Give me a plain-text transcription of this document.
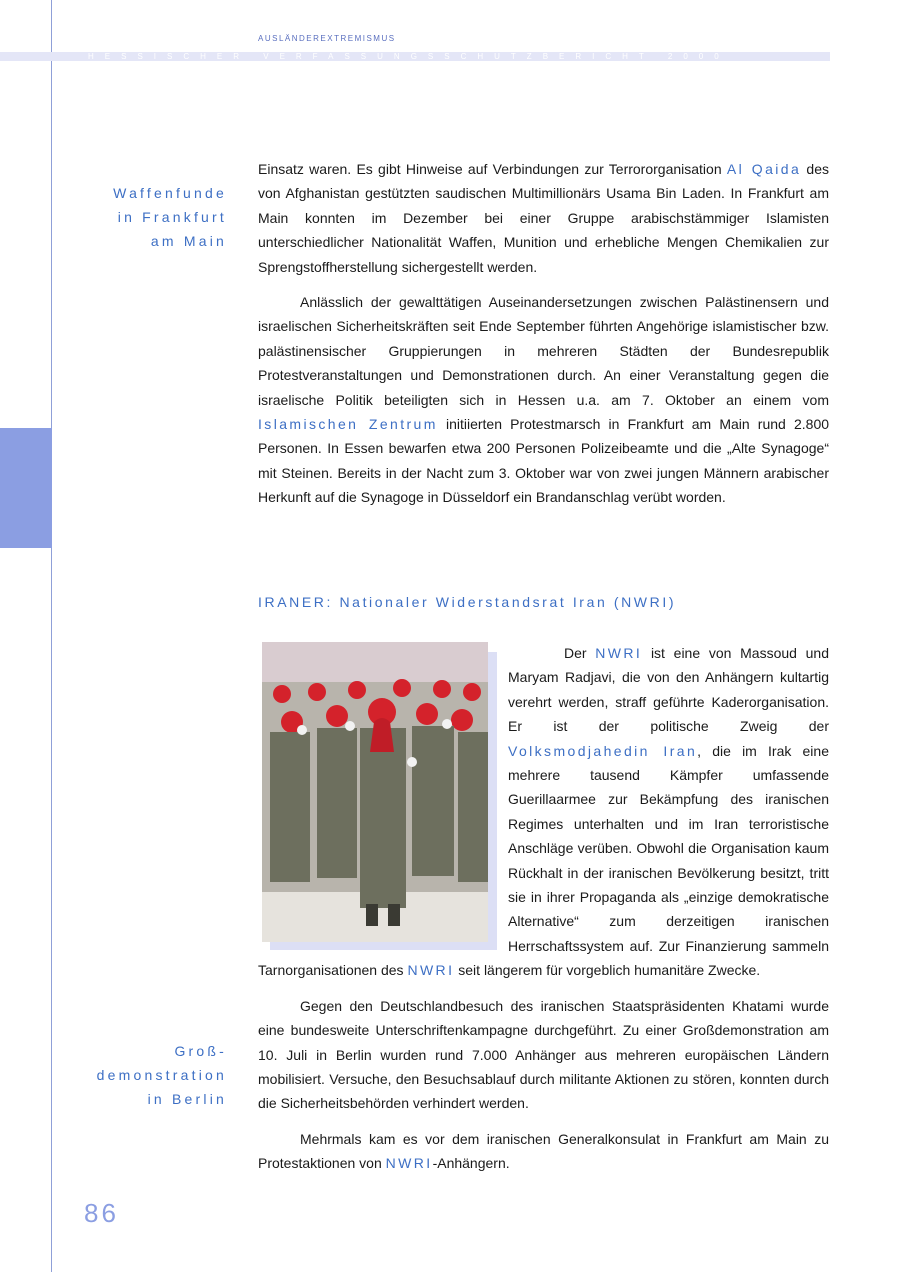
AUSLÄNDEREXTREMISMUS
HESSISCHER VERFASSUNGSSCHUTZBERICHT 2000
Waffenfunde
in Frankfurt
am Main

Einsatz waren. Es gibt Hinweise auf Verbindungen zur Terrororganisation Al Qaida des von Afghanistan gestützten saudischen Multimillionärs Usama Bin Laden. In Frankfurt am Main konnten im Dezember bei einer Gruppe arabischstämmiger Islamisten unterschiedlicher Nationalität Waffen, Munition und erhebliche Mengen Chemikalien zur Sprengstoffherstellung sichergestellt werden.

Anlässlich der gewalttätigen Auseinandersetzungen zwischen Palästinensern und israelischen Sicherheitskräften seit Ende September führten Angehörige islamistischer bzw. palästinensischer Gruppierungen in mehreren Städten der Bundesrepublik Protestveranstaltungen und Demonstrationen durch. An einer Veranstaltung gegen die israelische Politik beteiligten sich in Hessen u.a. am 7. Oktober an einem vom Islamischen Zentrum initiierten Protestmarsch in Frankfurt am Main rund 2.800 Personen. In Essen bewarfen etwa 200 Personen Polizeibeamte und die „Alte Synagoge“ mit Steinen. Bereits in der Nacht zum 3. Oktober war von zwei jungen Männern arabischer Herkunft auf die Synagoge in Düsseldorf ein Brandanschlag verübt worden.

IRANER: Nationaler Widerstandsrat Iran (NWRI)

Der NWRI ist eine von Massoud und Maryam Radjavi, die von den Anhängern kultartig verehrt werden, straff geführte Kaderorganisation. Er ist der politische Zweig der Volksmodjahedin Iran, die im Irak eine mehrere tausend Kämpfer umfassende Guerillaarmee zur Bekämpfung des iranischen Regimes unterhalten und im Iran terroristische Anschläge verüben. Obwohl die Organisation kaum Rückhalt in der iranischen Bevölkerung besitzt, tritt sie in ihrer Propaganda als „einzige demokratische Alternative“ zum derzeitigen iranischen Herrschaftssystem auf. Zur Finanzierung sammeln Tarnorganisationen des NWRI seit längerem für vorgeblich humanitäre Zwecke.

Gegen den Deutschlandbesuch des iranischen Staatspräsidenten Khatami wurde eine bundesweite Unterschriftenkampagne durchgeführt. Zu einer Großdemonstration am 10. Juli in Berlin wurden rund 7.000 Anhänger aus mehreren europäischen Ländern mobilisiert. Versuche, den Besuchsablauf durch militante Aktionen zu stören, konnten durch die Sicherheitsbehörden verhindert werden.

Mehrmals kam es vor dem iranischen Generalkonsulat in Frankfurt am Main zu Protestaktionen von NWRI-Anhängern.

Groß-
demonstration
in Berlin
86
